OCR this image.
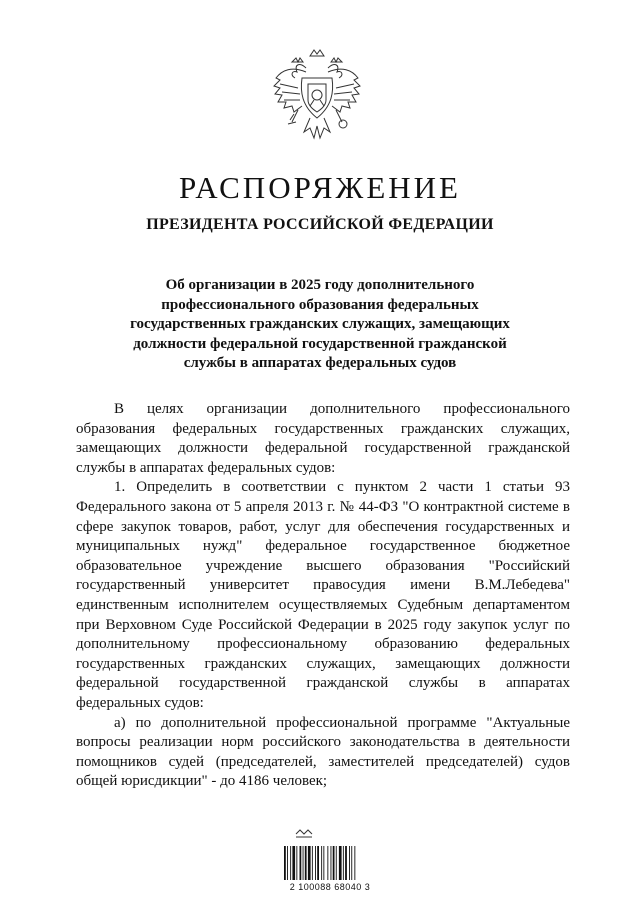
РАСПОРЯЖЕНИЕ
ПРЕЗИДЕНТА РОССИЙСКОЙ ФЕДЕРАЦИИ
Об организации в 2025 году дополнительного
профессионального образования федеральных
государственных гражданских служащих, замещающих
должности федеральной государственной гражданской
службы в аппаратах федеральных судов

В целях организации дополнительного профессионального образования федеральных государственных гражданских служащих, замещающих должности федеральной государственной гражданской службы в аппаратах федеральных судов:

1. Определить в соответствии с пунктом 2 части 1 статьи 93 Федерального закона от 5 апреля 2013 г. № 44-ФЗ "О контрактной системе в сфере закупок товаров, работ, услуг для обеспечения государственных и муниципальных нужд" федеральное государственное бюджетное образовательное учреждение высшего образования "Российский государственный университет правосудия имени В.М.Лебедева" единственным исполнителем осуществляемых Судебным департаментом при Верховном Суде Российской Федерации в 2025 году закупок услуг по дополнительному профессиональному образованию федеральных государственных гражданских служащих, замещающих должности федеральной государственной гражданской службы в аппаратах федеральных судов:

а) по дополнительной профессиональной программе "Актуальные вопросы реализации норм российского законодательства в деятельности помощников судей (председателей, заместителей председателей) судов общей юрисдикции" - до 4186 человек;

2 100088 68040 3
